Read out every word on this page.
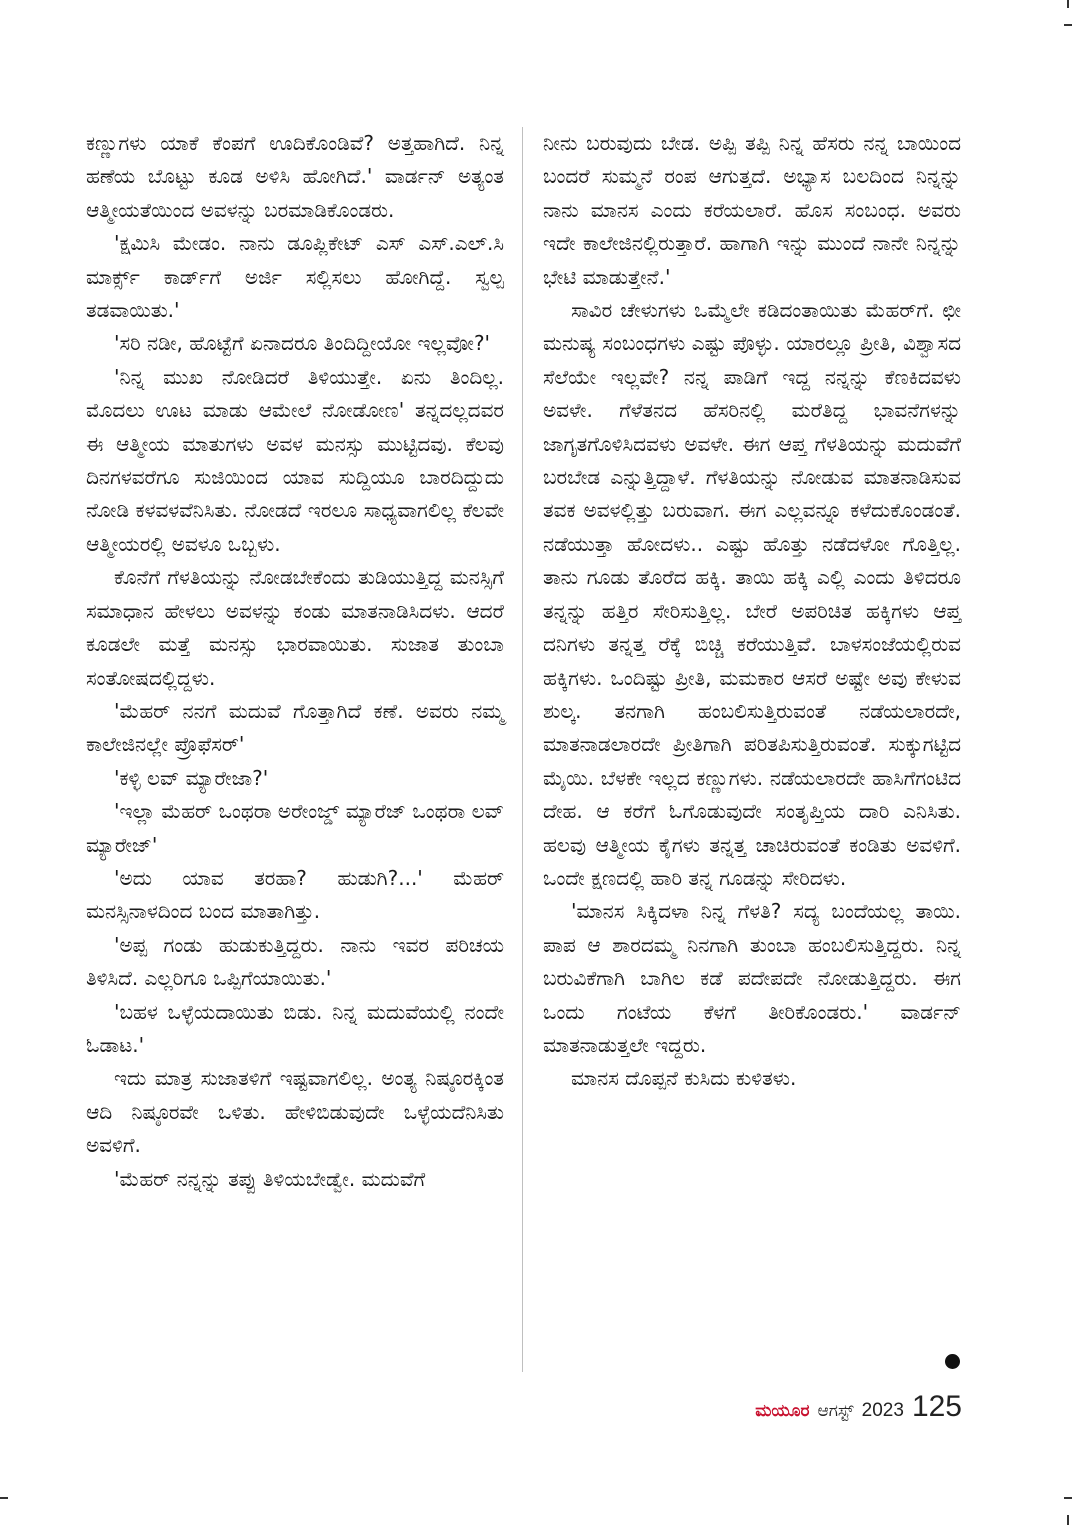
ಕಣ್ಣುಗಳು ಯಾಕೆ ಕೆಂಪಗೆ ಊದಿಕೊಂಡಿವೆ? ಅತ್ತಹಾಗಿದೆ. ನಿನ್ನ ಹಣೆಯ ಬೊಟ್ಟು ಕೂಡ ಅಳಿಸಿ ಹೋಗಿದೆ.' ವಾರ್ಡನ್ ಅತ್ಯಂತ ಆತ್ಮೀಯತೆಯಿಂದ ಅವಳನ್ನು ಬರಮಾಡಿಕೊಂಡರು.

'ಕ್ಷಮಿಸಿ ಮೇಡಂ. ನಾನು ಡೂಪ್ಲಿಕೇಟ್ ಎಸ್ ಎಸ್.ಎಲ್.ಸಿ ಮಾರ್ಕ್ಸ್ ಕಾರ್ಡ್‌ಗೆ ಅರ್ಜಿ ಸಲ್ಲಿಸಲು ಹೋಗಿದ್ದೆ. ಸ್ವಲ್ಪ ತಡವಾಯಿತು.'

'ಸರಿ ನಡೀ, ಹೊಟ್ಟೆಗೆ ಏನಾದರೂ ತಿಂದಿದ್ದೀಯೋ ಇಲ್ಲವೋ?'

'ನಿನ್ನ ಮುಖ ನೋಡಿದರೆ ತಿಳಿಯುತ್ತೇ. ಏನು ತಿಂದಿಲ್ಲ. ಮೊದಲು ಊಟ ಮಾಡು ಆಮೇಲೆ ನೋಡೋಣ' ತನ್ನದಲ್ಲದವರ ಈ ಆತ್ಮೀಯ ಮಾತುಗಳು ಅವಳ ಮನಸ್ಸು ಮುಟ್ಟಿದವು. ಕೆಲವು ದಿನಗಳವರೆಗೂ ಸುಜಿಯಿಂದ ಯಾವ ಸುದ್ದಿಯೂ ಬಾರದಿದ್ದುದು ನೋಡಿ ಕಳವಳವೆನಿಸಿತು. ನೋಡದೆ ಇರಲೂ ಸಾಧ್ಯವಾಗಲಿಲ್ಲ ಕೆಲವೇ ಆತ್ಮೀಯರಲ್ಲಿ ಅವಳೂ ಒಬ್ಬಳು.

ಕೊನೆಗೆ ಗೆಳತಿಯನ್ನು ನೋಡಬೇಕೆಂದು ತುಡಿಯುತ್ತಿದ್ದ ಮನಸ್ಸಿಗೆ ಸಮಾಧಾನ ಹೇಳಲು ಅವಳನ್ನು ಕಂಡು ಮಾತನಾಡಿಸಿದಳು. ಆದರೆ ಕೂಡಲೇ ಮತ್ತೆ ಮನಸ್ಸು ಭಾರವಾಯಿತು. ಸುಜಾತ ತುಂಬಾ ಸಂತೋಷದಲ್ಲಿದ್ದಳು.

'ಮೆಹರ್ ನನಗೆ ಮದುವೆ ಗೊತ್ತಾಗಿದೆ ಕಣೆ. ಅವರು ನಮ್ಮ ಕಾಲೇಜಿನಲ್ಲೇ ಪ್ರೊಫೆಸರ್'

'ಕಳ್ಳಿ ಲವ್ ಮ್ಯಾರೇಜಾ?'

'ಇಲ್ಲಾ ಮೆಹರ್ ಒಂಥರಾ ಅರೇಂಜ್ಡ್ ಮ್ಯಾರೆಜ್ ಒಂಥರಾ ಲವ್ ಮ್ಯಾರೇಜ್'

'ಅದು ಯಾವ ತರಹಾ? ಹುಡುಗಿ?...' ಮೆಹರ್ ಮನಸ್ಸಿನಾಳದಿಂದ ಬಂದ ಮಾತಾಗಿತ್ತು.

'ಅಪ್ಪ ಗಂಡು ಹುಡುಕುತ್ತಿದ್ದರು. ನಾನು ಇವರ ಪರಿಚಯ ತಿಳಿಸಿದೆ. ಎಲ್ಲರಿಗೂ ಒಪ್ಪಿಗೆಯಾಯಿತು.'

'ಬಹಳ ಒಳ್ಳೆಯದಾಯಿತು ಬಿಡು. ನಿನ್ನ ಮದುವೆಯಲ್ಲಿ ನಂದೇ ಓಡಾಟ.'

ಇದು ಮಾತ್ರ ಸುಜಾತಳಿಗೆ ಇಷ್ಟವಾಗಲಿಲ್ಲ. ಅಂತ್ಯ ನಿಷ್ಠೂರಕ್ಕಿಂತ ಆದಿ ನಿಷ್ಠೂರವೇ ಒಳಿತು. ಹೇಳಿಬಿಡುವುದೇ ಒಳ್ಳೆಯದೆನಿಸಿತು ಅವಳಿಗೆ.

'ಮೆಹರ್ ನನ್ನನ್ನು ತಪ್ಪು ತಿಳಿಯಬೇಡ್ವೇ. ಮದುವೆಗೆ

ನೀನು ಬರುವುದು ಬೇಡ. ಅಪ್ಪಿ ತಪ್ಪಿ ನಿನ್ನ ಹೆಸರು ನನ್ನ ಬಾಯಿಂದ ಬಂದರೆ ಸುಮ್ಮನೆ ರಂಪ ಆಗುತ್ತದೆ. ಅಭ್ಯಾಸ ಬಲದಿಂದ ನಿನ್ನನ್ನು ನಾನು ಮಾನಸ ಎಂದು ಕರೆಯಲಾರೆ. ಹೊಸ ಸಂಬಂಧ. ಅವರು ಇದೇ ಕಾಲೇಜಿನಲ್ಲಿರುತ್ತಾರೆ. ಹಾಗಾಗಿ ಇನ್ನು ಮುಂದೆ ನಾನೇ ನಿನ್ನನ್ನು ಭೇಟಿ ಮಾಡುತ್ತೇನೆ.'

ಸಾವಿರ ಚೇಳುಗಳು ಒಮ್ಮೆಲೇ ಕಡಿದಂತಾಯಿತು ಮೆಹರ್‌ಗೆ. ಛೀ ಮನುಷ್ಯ ಸಂಬಂಧಗಳು ಎಷ್ಟು ಪೊಳ್ಳು. ಯಾರಲ್ಲೂ ಪ್ರೀತಿ, ವಿಶ್ವಾಸದ ಸೆಲೆಯೇ ಇಲ್ಲವೇ? ನನ್ನ ಪಾಡಿಗೆ ಇದ್ದ ನನ್ನನ್ನು ಕೆಣಕಿದವಳು ಅವಳೇ. ಗೆಳೆತನದ ಹೆಸರಿನಲ್ಲಿ ಮರೆತಿದ್ದ ಭಾವನೆಗಳನ್ನು ಜಾಗೃತಗೊಳಿಸಿದವಳು ಅವಳೇ. ಈಗ ಆಪ್ತ ಗೆಳತಿಯನ್ನು ಮದುವೆಗೆ ಬರಬೇಡ ಎನ್ನುತ್ತಿದ್ದಾಳೆ. ಗೆಳತಿಯನ್ನು ನೋಡುವ ಮಾತನಾಡಿಸುವ ತವಕ ಅವಳಲ್ಲಿತ್ತು ಬರುವಾಗ. ಈಗ ಎಲ್ಲವನ್ನೂ ಕಳೆದುಕೊಂಡಂತೆ. ನಡೆಯುತ್ತಾ ಹೋದಳು.. ಎಷ್ಟು ಹೊತ್ತು ನಡೆದಳೋ ಗೊತ್ತಿಲ್ಲ. ತಾನು ಗೂಡು ತೊರೆದ ಹಕ್ಕಿ. ತಾಯಿ ಹಕ್ಕಿ ಎಲ್ಲಿ ಎಂದು ತಿಳಿದರೂ ತನ್ನನ್ನು ಹತ್ತಿರ ಸೇರಿಸುತ್ತಿಲ್ಲ. ಬೇರೆ ಅಪರಿಚಿತ ಹಕ್ಕಿಗಳು ಆಪ್ತ ದನಿಗಳು ತನ್ನತ್ತ ರೆಕ್ಕೆ ಬಿಚ್ಚಿ ಕರೆಯುತ್ತಿವೆ. ಬಾಳಸಂಜೆಯಲ್ಲಿರುವ ಹಕ್ಕಿಗಳು. ಒಂದಿಷ್ಟು ಪ್ರೀತಿ, ಮಮಕಾರ ಆಸರೆ ಅಷ್ಟೇ ಅವು ಕೇಳುವ ಶುಲ್ಕ. ತನಗಾಗಿ ಹಂಬಲಿಸುತ್ತಿರುವಂತೆ ನಡೆಯಲಾರದೇ, ಮಾತನಾಡಲಾರದೇ ಪ್ರೀತಿಗಾಗಿ ಪರಿತಪಿಸುತ್ತಿರುವಂತೆ. ಸುಕ್ಕುಗಟ್ಟಿದ ಮೈಯಿ. ಬೆಳಕೇ ಇಲ್ಲದ ಕಣ್ಣುಗಳು. ನಡೆಯಲಾರದೇ ಹಾಸಿಗೆಗಂಟಿದ ದೇಹ. ಆ ಕರೆಗೆ ಓಗೊಡುವುದೇ ಸಂತೃಪ್ತಿಯ ದಾರಿ ಎನಿಸಿತು. ಹಲವು ಆತ್ಮೀಯ ಕೈಗಳು ತನ್ನತ್ತ ಚಾಚಿರುವಂತೆ ಕಂಡಿತು ಅವಳಿಗೆ. ಒಂದೇ ಕ್ಷಣದಲ್ಲಿ ಹಾರಿ ತನ್ನ ಗೂಡನ್ನು ಸೇರಿದಳು.

'ಮಾನಸ ಸಿಕ್ಕಿದಳಾ ನಿನ್ನ ಗೆಳತಿ? ಸದ್ಯ ಬಂದೆಯಲ್ಲ ತಾಯಿ. ಪಾಪ ಆ ಶಾರದಮ್ಮ ನಿನಗಾಗಿ ತುಂಬಾ ಹಂಬಲಿಸುತ್ತಿದ್ದರು. ನಿನ್ನ ಬರುವಿಕೆಗಾಗಿ ಬಾಗಿಲ ಕಡೆ ಪದೇಪದೇ ನೋಡುತ್ತಿದ್ದರು. ಈಗ ಒಂದು ಗಂಟೆಯ ಕೆಳಗೆ ತೀರಿಕೊಂಡರು.' ವಾರ್ಡನ್ ಮಾತನಾಡುತ್ತಲೇ ಇದ್ದರು.

ಮಾನಸ ದೊಪ್ಪನೆ ಕುಸಿದು ಕುಳಿತಳು.

ಮಯೂರ ಆಗಸ್ಟ್ 2023 125
